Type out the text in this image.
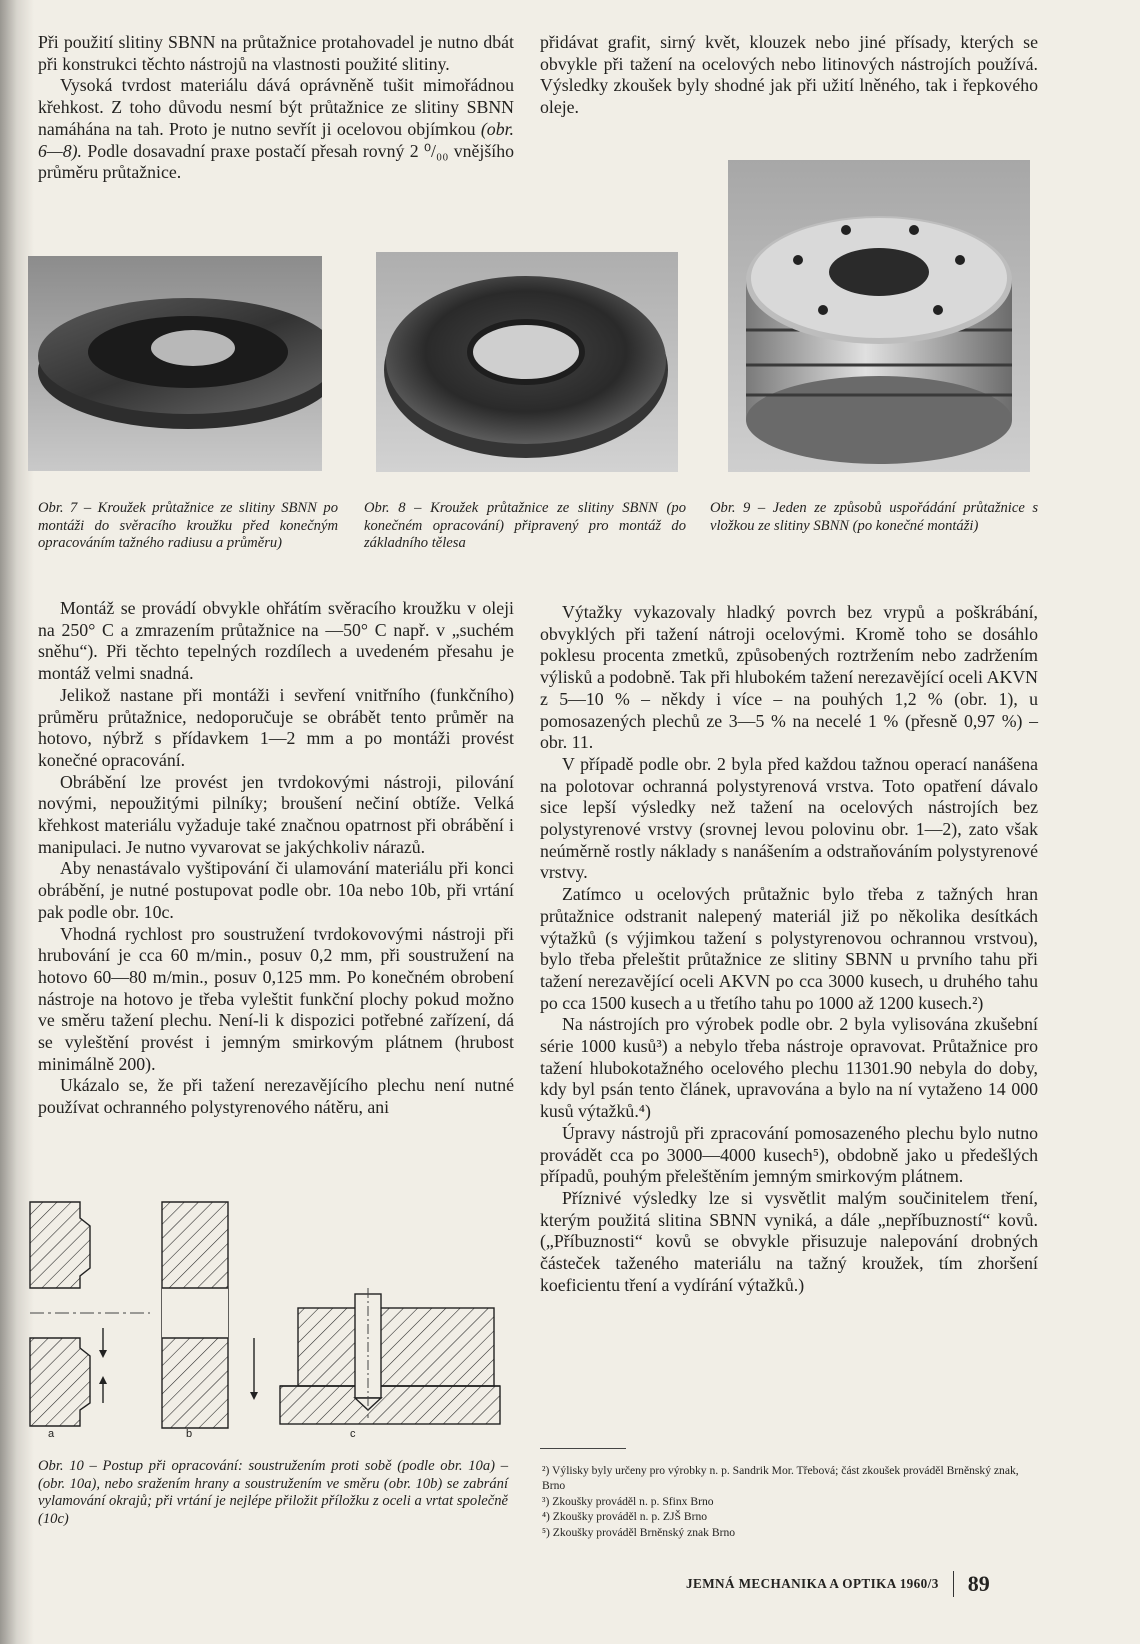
Při použití slitiny SBNN na průtažnice protahovadel je nutno dbát při konstrukci těchto nástrojů na vlastnosti použité slitiny.

Vysoká tvrdost materiálu dává oprávněně tušit mimořádnou křehkost. Z toho důvodu nesmí být průtažnice ze slitiny SBNN namáhána na tah. Proto je nutno sevřít ji ocelovou objímkou (obr. 6—8). Podle dosavadní praxe postačí přesah rovný 2 ⁰/₀₀ vnějšího průměru průtažnice.

přidávat grafit, sirný květ, klouzek nebo jiné přísady, kterých se obvykle při tažení na ocelových nebo litinových nástrojích používá. Výsledky zkoušek byly shodné jak při užití lněného, tak i řepkového oleje.

Obr. 7 – Kroužek průtažnice ze slitiny SBNN po montáži do svěracího kroužku před konečným opracováním tažného radiusu a průměru)
Obr. 8 – Kroužek průtažnice ze slitiny SBNN (po konečném opracování) připravený pro montáž do základního tělesa
Obr. 9 – Jeden ze způsobů uspořádání průtažnice s vložkou ze slitiny SBNN (po konečné montáži)

Montáž se provádí obvykle ohřátím svěracího kroužku v oleji na 250° C a zmrazením průtažnice na —50° C např. v „suchém sněhu“). Při těchto tepelných rozdílech a uvedeném přesahu je montáž velmi snadná.

Jelikož nastane při montáži i sevření vnitřního (funkčního) průměru průtažnice, nedoporučuje se obrábět tento průměr na hotovo, nýbrž s přídavkem 1—2 mm a po montáži provést konečné opracování.

Obrábění lze provést jen tvrdokovými nástroji, pilování novými, nepoužitými pilníky; broušení nečiní obtíže. Velká křehkost materiálu vyžaduje také značnou opatrnost při obrábění i manipulaci. Je nutno vyvarovat se jakýchkoliv nárazů.

Aby nenastávalo vyštipování či ulamování materiálu při konci obrábění, je nutné postupovat podle obr. 10a nebo 10b, při vrtání pak podle obr. 10c.

Vhodná rychlost pro soustružení tvrdokovovými nástroji při hrubování je cca 60 m/min., posuv 0,2 mm, při soustružení na hotovo 60—80 m/min., posuv 0,125 mm. Po konečném obrobení nástroje na hotovo je třeba vyleštit funkční plochy pokud možno ve směru tažení plechu. Není-li k dispozici potřebné zařízení, dá se vyleštění provést i jemným smirkovým plátnem (hrubost minimálně 200).

Ukázalo se, že při tažení nerezavějícího plechu není nutné používat ochranného polystyrenového nátěru, ani

a	b	c
Obr. 10 – Postup při opracování: soustružením proti sobě (podle obr. 10a) – (obr. 10a), nebo sražením hrany a soustružením ve směru (obr. 10b) se zabrání vylamování okrajů; při vrtání je nejlépe přiložit příložku z oceli a vrtat společně (10c)

Výtažky vykazovaly hladký povrch bez vrypů a poškrábání, obvyklých při tažení nátroji ocelovými. Kromě toho se dosáhlo poklesu procenta zmetků, způsobených roztržením nebo zadržením výlisků a podobně. Tak při hlubokém tažení nerezavějící oceli AKVN z 5—10 % – někdy i více – na pouhých 1,2 % (obr. 1), u pomosazených plechů ze 3—5 % na necelé 1 % (přesně 0,97 %) – obr. 11.

V případě podle obr. 2 byla před každou tažnou operací nanášena na polotovar ochranná polystyrenová vrstva. Toto opatření dávalo sice lepší výsledky než tažení na ocelových nástrojích bez polystyrenové vrstvy (srovnej levou polovinu obr. 1—2), zato však neúměrně rostly náklady s nanášením a odstraňováním polystyrenové vrstvy.

Zatímco u ocelových průtažnic bylo třeba z tažných hran průtažnice odstranit nalepený materiál již po několika desítkách výtažků (s výjimkou tažení s polystyrenovou ochrannou vrstvou), bylo třeba přeleštit průtažnice ze slitiny SBNN u prvního tahu při tažení nerezavějící oceli AKVN po cca 3000 kusech, u druhého tahu po cca 1500 kusech a u třetího tahu po 1000 až 1200 kusech.²)

Na nástrojích pro výrobek podle obr. 2 byla vylisována zkušební série 1000 kusů³) a nebylo třeba nástroje opravovat. Průtažnice pro tažení hlubokotažného ocelového plechu 11301.90 nebyla do doby, kdy byl psán tento článek, upravována a bylo na ní vytaženo 14 000 kusů výtažků.⁴)

Úpravy nástrojů při zpracování pomosazeného plechu bylo nutno provádět cca po 3000—4000 kusech⁵), obdobně jako u předešlých případů, pouhým přeleštěním jemným smirkovým plátnem.

Příznivé výsledky lze si vysvětlit malým součinitelem tření, kterým použitá slitina SBNN vyniká, a dále „nepříbuzností“ kovů. („Příbuznosti“ kovů se obvykle přisuzuje nalepování drobných částeček taženého materiálu na tažný kroužek, tím zhoršení koeficientu tření a vydírání výtažků.)

²) Výlisky byly určeny pro výrobky n. p. Sandrik Mor. Třebová; část zkoušek prováděl Brněnský znak, Brno
³) Zkoušky prováděl n. p. Sfinx Brno
⁴) Zkoušky prováděl n. p. ZJŠ Brno
⁵) Zkoušky prováděl Brněnský znak Brno
JEMNÁ MECHANIKA A OPTIKA 1960/3 89
